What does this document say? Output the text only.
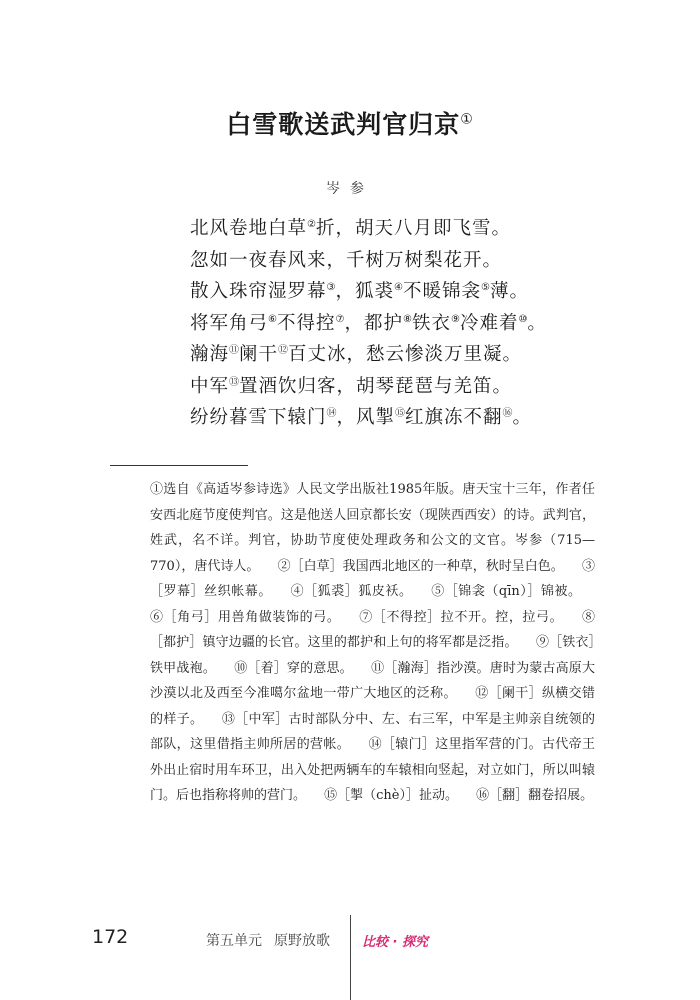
白雪歌送武判官归京①
岑参
北风卷地白草②折，胡天八月即飞雪。
忽如一夜春风来，千树万树梨花开。
散入珠帘湿罗幕③，狐裘④不暖锦衾⑤薄。
将军角弓⑥不得控⑦，都护⑧铁衣⑨冷难着⑩。
瀚海⑪阑干⑫百丈冰，愁云惨淡万里凝。
中军⑬置酒饮归客，胡琴琵琶与羌笛。
纷纷暮雪下辕门⑭，风掣⑮红旗冻不翻⑯。
①选自《高适岑参诗选》人民文学出版社1985年版。唐天宝十三年，作者任安西北庭节度使判官。这是他送人回京都长安（现陕西西安）的诗。武判官，姓武，名不详。判官，协助节度使处理政务和公文的文官。岑参（715—770），唐代诗人。 ②［白草］我国西北地区的一种草，秋时呈白色。 ③［罗幕］丝织帐幕。 ④［狐裘］狐皮袄。 ⑤［锦衾（qīn）］锦被。 ⑥［角弓］用兽角做装饰的弓。 ⑦［不得控］拉不开。控，拉弓。 ⑧［都护］镇守边疆的长官。这里的都护和上句的将军都是泛指。 ⑨［铁衣］铁甲战袍。 ⑩［着］穿的意思。 ⑪［瀚海］指沙漠。唐时为蒙古高原大沙漠以北及西至今准噶尔盆地一带广大地区的泛称。 ⑫［阑干］纵横交错的样子。 ⑬［中军］古时部队分中、左、右三军，中军是主帅亲自统领的部队，这里借指主帅所居的营帐。 ⑭［辕门］这里指军营的门。古代帝王外出止宿时用车环卫，出入处把两辆车的车辕相向竖起，对立如门，所以叫辕门。后也指称将帅的营门。 ⑮［掣（chè）］扯动。 ⑯［翻］翻卷招展。
172	第五单元 原野放歌 比较 · 探究
